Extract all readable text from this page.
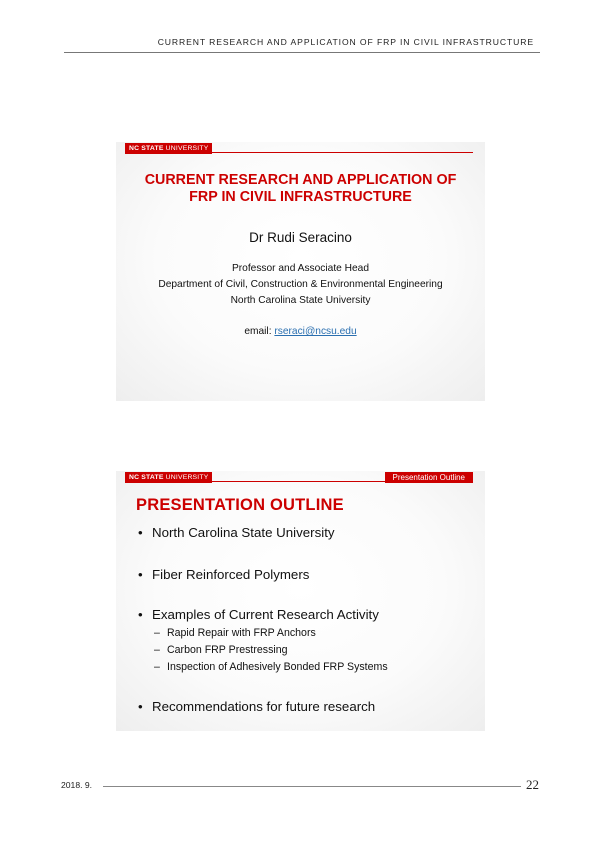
CURRENT RESEARCH AND APPLICATION OF FRP IN CIVIL INFRASTRUCTURE
NC STATE UNIVERSITY
CURRENT RESEARCH AND APPLICATION OF
FRP IN CIVIL INFRASTRUCTURE
Dr Rudi Seracino
Professor and Associate Head
Department of Civil, Construction & Environmental Engineering
North Carolina State University
email: rseraci@ncsu.edu
NC STATE UNIVERSITY	Presentation Outline
PRESENTATION OUTLINE
• North Carolina State University
• Fiber Reinforced Polymers
• Examples of Current Research Activity
– Rapid Repair with FRP Anchors
– Carbon FRP Prestressing
– Inspection of Adhesively Bonded FRP Systems
• Recommendations for future research
2018. 9.	22
